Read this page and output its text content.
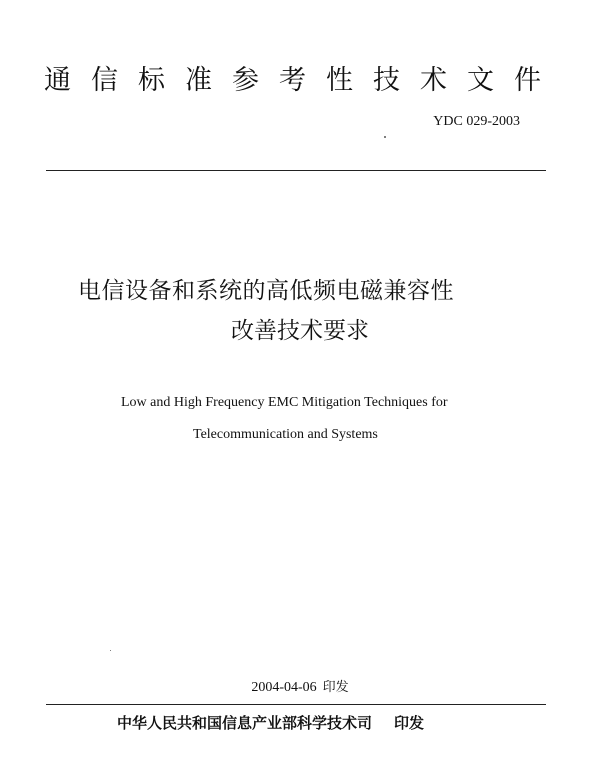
通信标准参考性技术文件
YDC 029-2003
电信设备和系统的高低频电磁兼容性
改善技术要求
Low and High Frequency EMC Mitigation Techniques for
Telecommunication and Systems
2004-04-06 印发
中华人民共和国信息产业部科学技术司 印发
